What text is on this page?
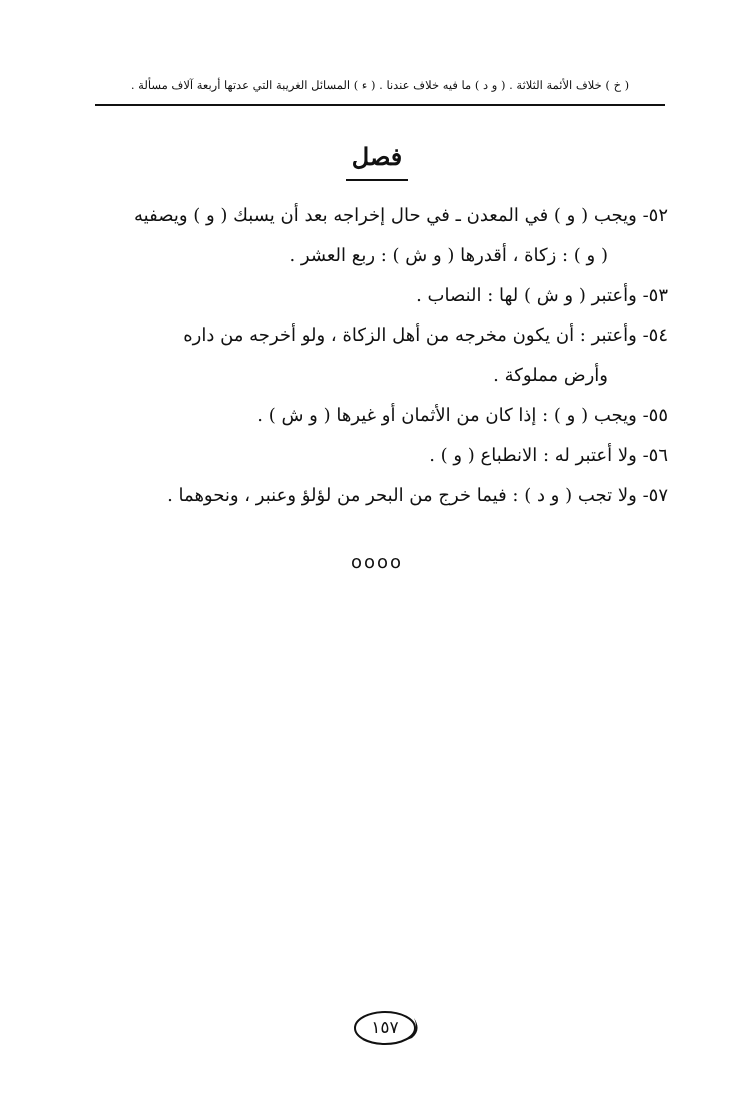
( خ ) خلاف الأئمة الثلاثة . ( و د ) ما فيه خلاف عندنا . ( ء ) المسائل الغريبة التي عدتها أربعة آلاف مسألة .
فصل
٥٢- ويجب ( و ) في المعدن ـ في حال إخراجه بعد أن يسبك ( و ) ويصفيه
( و ) : زكاة ، أقدرها ( و ش ) : ربع العشر .
٥٣- وأعتبر ( و ش ) لها : النصاب .
٥٤- وأعتبر : أن يكون مخرجه من أهل الزكاة ، ولو أخرجه من داره
وأرض مملوكة .
٥٥- ويجب ( و ) : إذا كان من الأثمان أو غيرها ( و ش ) .
٥٦- ولا أعتبر له : الانطباع ( و ) .
٥٧- ولا تجب ( و د ) : فيما خرج من البحر من لؤلؤ وعنبر ، ونحوهما .
oooo
١٥٧
